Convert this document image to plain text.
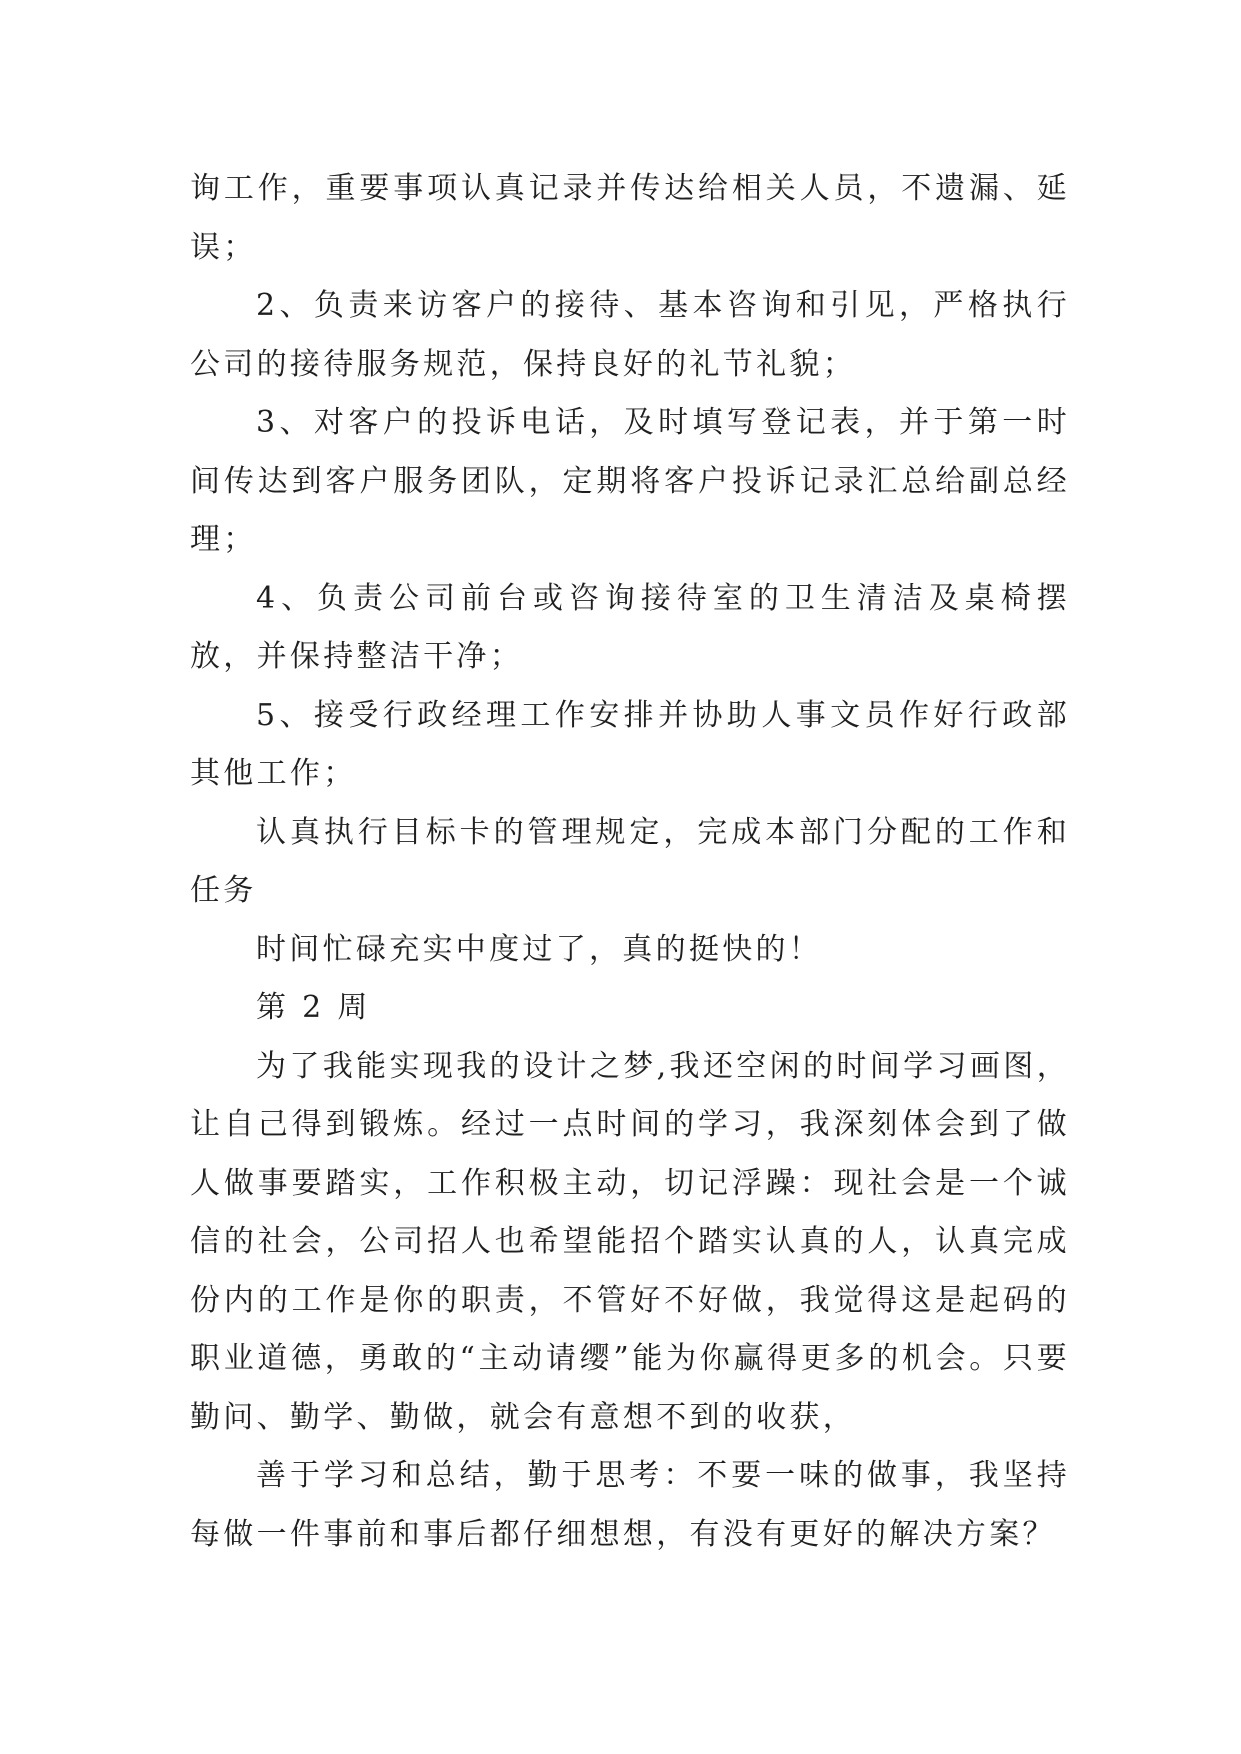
询工作，重要事项认真记录并传达给相关人员，不遗漏、延误；

2、负责来访客户的接待、基本咨询和引见，严格执行公司的接待服务规范，保持良好的礼节礼貌；

3、对客户的投诉电话，及时填写登记表，并于第一时间传达到客户服务团队，定期将客户投诉记录汇总给副总经理；

4、负责公司前台或咨询接待室的卫生清洁及桌椅摆放，并保持整洁干净；

5、接受行政经理工作安排并协助人事文员作好行政部其他工作；

认真执行目标卡的管理规定，完成本部门分配的工作和任务

时间忙碌充实中度过了，真的挺快的！

第 2 周

为了我能实现我的设计之梦,我还空闲的时间学习画图，让自己得到锻炼。经过一点时间的学习，我深刻体会到了做人做事要踏实，工作积极主动，切记浮躁：现社会是一个诚信的社会，公司招人也希望能招个踏实认真的人，认真完成份内的工作是你的职责，不管好不好做，我觉得这是起码的职业道德，勇敢的“主动请缨”能为你赢得更多的机会。只要勤问、勤学、勤做，就会有意想不到的收获，

善于学习和总结，勤于思考：不要一味的做事，我坚持每做一件事前和事后都仔细想想，有没有更好的解决方案？
